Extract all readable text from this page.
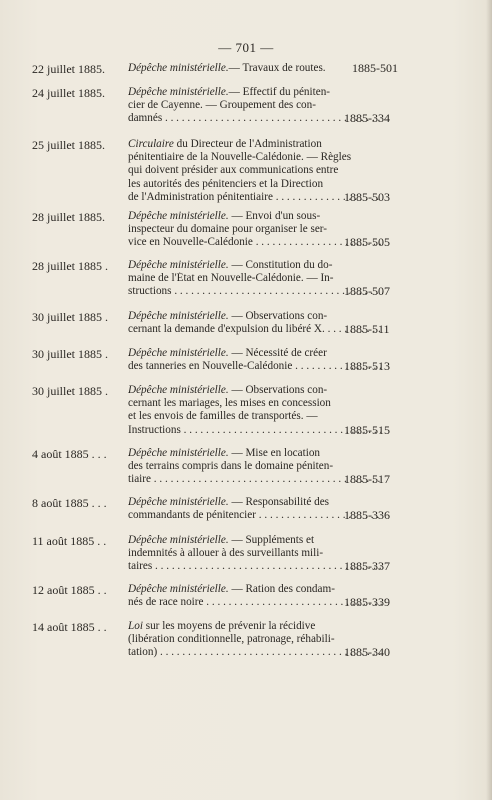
— 701 —
22 juillet 1885. Dépêche ministérielle.— Travaux de routes.	1885-501
24 juillet 1885. Dépêche ministérielle.— Effectif du péniten-
cier de Cayenne. — Groupement des con-
damnés . . .	1885-334
25 juillet 1885. Circulaire du Directeur de l'Administration
pénitentiaire de la Nouvelle-Calédonie. — Règles
qui doivent présider aux communications entre
les autorités des pénitenciers et la Direction
de l'Administration pénitentiaire . . .	1885-503
28 juillet 1885. Dépêche ministérielle. — Envoi d'un sous-
inspecteur du domaine pour organiser le ser-
vice en Nouvelle-Calédonie . . .	1885-505
28 juillet 1885 . Dépêche ministérielle. — Constitution du do-
maine de l'État en Nouvelle-Calédonie. — In-
structions . . .	1885-507
30 juillet 1885 . Dépêche ministérielle. — Observations con-
cernant la demande d'expulsion du libéré X. . . . . . 1885-511
30 juillet 1885 . Dépêche ministérielle. — Nécessité de créer
des tanneries en Nouvelle-Calédonie . . .	1885-513
30 juillet 1885 . Dépêche ministérielle. — Observations con-
cernant les mariages, les mises en concession
et les envois de familles de transportés. —
Instructions . . .	1885-515
4 août 1885 . . . Dépêche ministérielle. — Mise en location
des terrains compris dans le domaine péniten-
tiaire . . .	1885-517
8 août 1885 . . . Dépêche ministérielle. — Responsabilité des
commandants de pénitencier . . .	1885-336
11 août 1885 . . Dépêche ministérielle. — Suppléments et
indemnités à allouer à des surveillants mili-
taires . . .	1885-337
12 août 1885 . . Dépêche ministérielle. — Ration des condam-
nés de race noire . . .	1885-339
14 août 1885 . . Loi sur les moyens de prévenir la récidive
(libération conditionnelle, patronage, réhabili-
tation) . . .	1885-340
